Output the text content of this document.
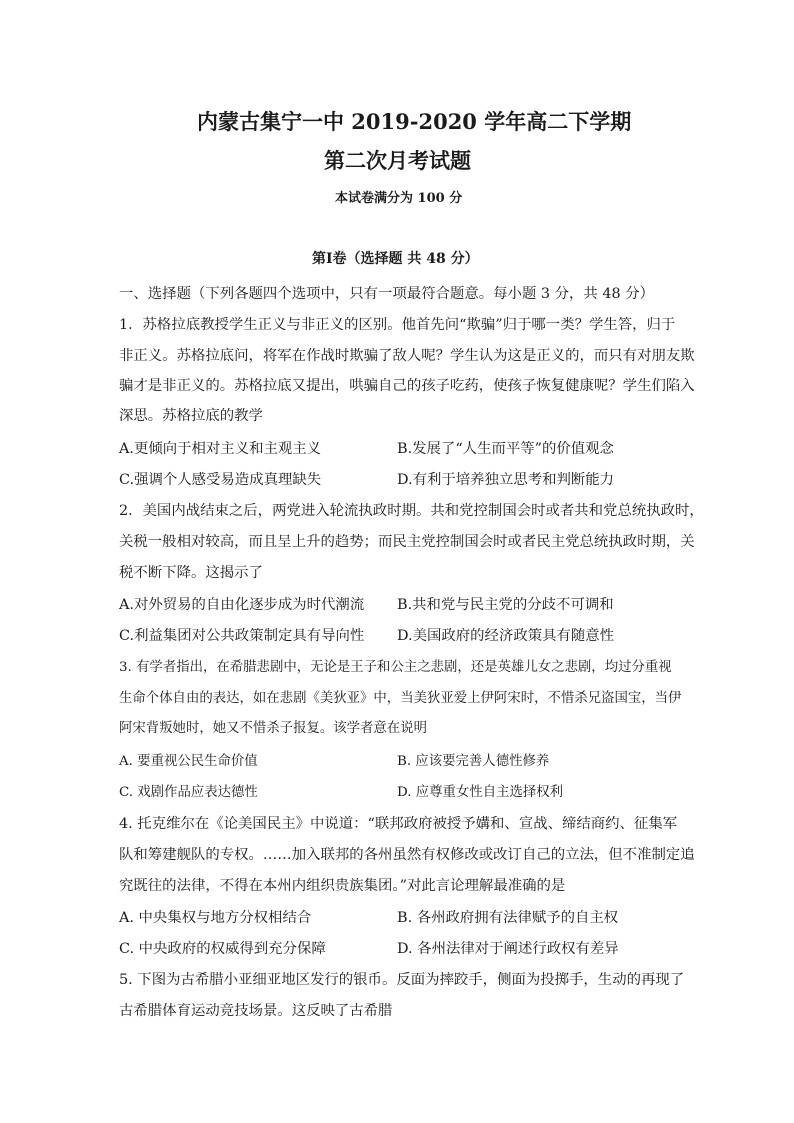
内蒙古集宁一中 2019-2020 学年高二下学期
第二次月考试题
本试卷满分为 100 分
第Ⅰ卷（选择题 共 48 分）
一、选择题（下列各题四个选项中，只有一项最符合题意。每小题 3 分，共 48 分）
1．苏格拉底教授学生正义与非正义的区别。他首先问“欺骗”归于哪一类？学生答，归于
非正义。苏格拉底问，将军在作战时欺骗了敌人呢？学生认为这是正义的，而只有对朋友欺
骗才是非正义的。苏格拉底又提出，哄骗自己的孩子吃药，使孩子恢复健康呢？学生们陷入
深思。苏格拉底的教学
A.更倾向于相对主义和主观主义	B.发展了“人生而平等”的价值观念
C.强调个人感受易造成真理缺失	D.有利于培养独立思考和判断能力
2．美国内战结束之后，两党进入轮流执政时期。共和党控制国会时或者共和党总统执政时，
关税一般相对较高，而且呈上升的趋势；而民主党控制国会时或者民主党总统执政时期，关
税不断下降。这揭示了
A.对外贸易的自由化逐步成为时代潮流 B.共和党与民主党的分歧不可调和
C.利益集团对公共政策制定具有导向性 D.美国政府的经济政策具有随意性
3. 有学者指出，在希腊悲剧中，无论是王子和公主之悲剧，还是英雄儿女之悲剧，均过分重视
生命个体自由的表达，如在悲剧《美狄亚》中，当美狄亚爱上伊阿宋时，不惜杀兄盗国宝，当伊
阿宋背叛她时，她又不惜杀子报复。该学者意在说明
A. 要重视公民生命价值	B. 应该要完善人德性修养
C. 戏剧作品应表达德性	D. 应尊重女性自主选择权利
4. 托克维尔在《论美国民主》中说道：“联邦政府被授予媾和、宣战、缔结商约、征集军
队和筹建舰队的专权。……加入联邦的各州虽然有权修改或改订自己的立法，但不准制定追
究既往的法律，不得在本州内组织贵族集团。”对此言论理解最准确的是
A. 中央集权与地方分权相结合	B. 各州政府拥有法律赋予的自主权
C. 中央政府的权威得到充分保障	D. 各州法律对于阐述行政权有差异
5. 下图为古希腊小亚细亚地区发行的银币。反面为摔跤手，侧面为投掷手，生动的再现了
古希腊体育运动竞技场景。这反映了古希腊
